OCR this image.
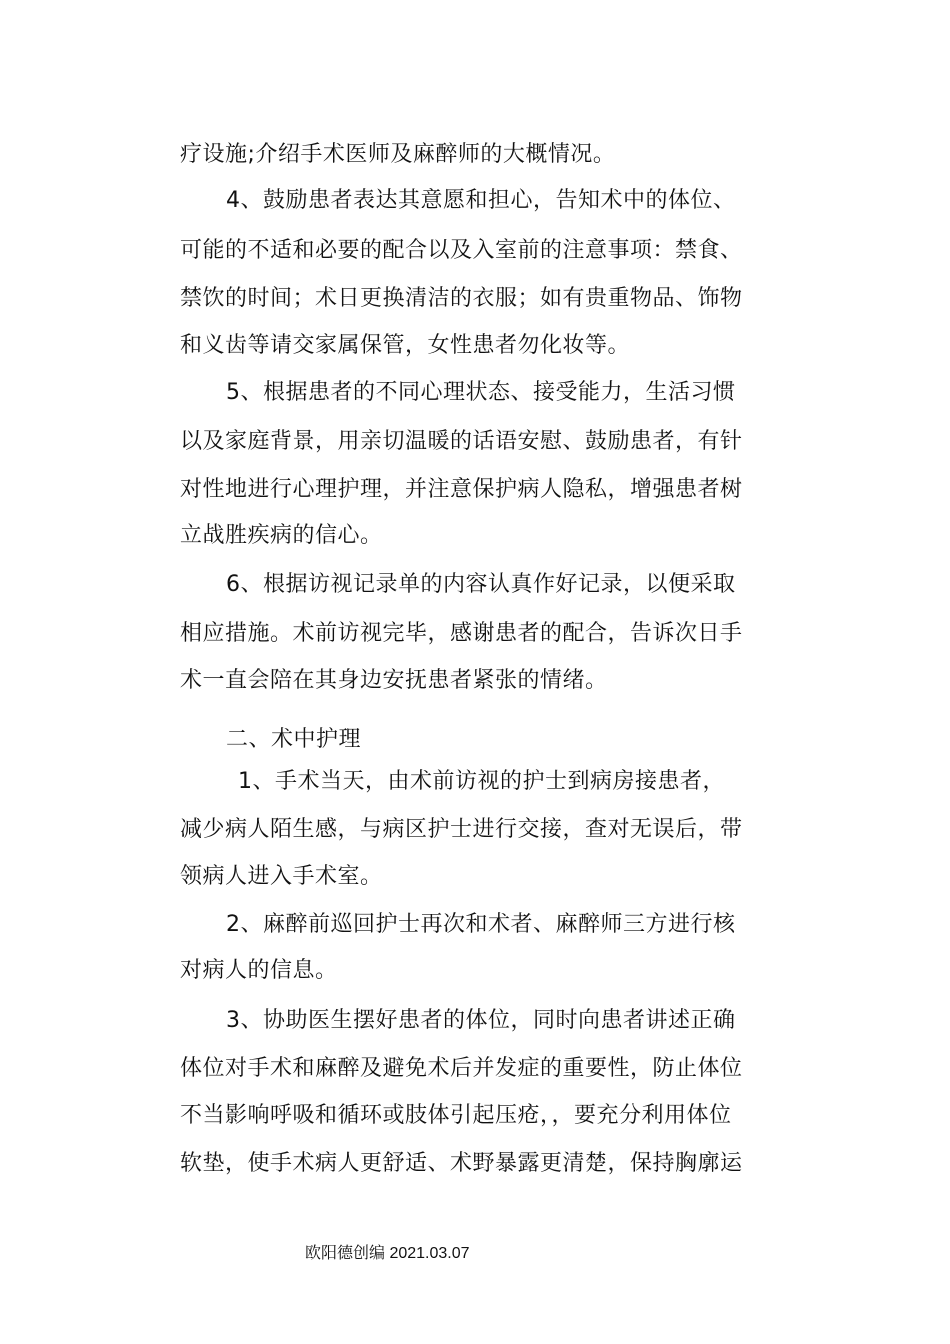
疗设施;介绍手术医师及麻醉师的大概情况。
4、鼓励患者表达其意愿和担心，告知术中的体位、
可能的不适和必要的配合以及入室前的注意事项：禁食、
禁饮的时间；术日更换清洁的衣服；如有贵重物品、饰物
和义齿等请交家属保管，女性患者勿化妆等。
5、根据患者的不同心理状态、接受能力，生活习惯
以及家庭背景，用亲切温暖的话语安慰、鼓励患者，有针
对性地进行心理护理，并注意保护病人隐私，增强患者树
立战胜疾病的信心。
6、根据访视记录单的内容认真作好记录，以便采取
相应措施。术前访视完毕，感谢患者的配合，告诉次日手
术一直会陪在其身边安抚患者紧张的情绪。
二、术中护理
1、手术当天，由术前访视的护士到病房接患者，
减少病人陌生感，与病区护士进行交接，查对无误后，带
领病人进入手术室。
2、麻醉前巡回护士再次和术者、麻醉师三方进行核
对病人的信息。
3、协助医生摆好患者的体位，同时向患者讲述正确
体位对手术和麻醉及避免术后并发症的重要性，防止体位
不当影响呼吸和循环或肢体引起压疮，，要充分利用体位
软垫，使手术病人更舒适、术野暴露更清楚，保持胸廓运
欧阳德创编 2021.03.07
